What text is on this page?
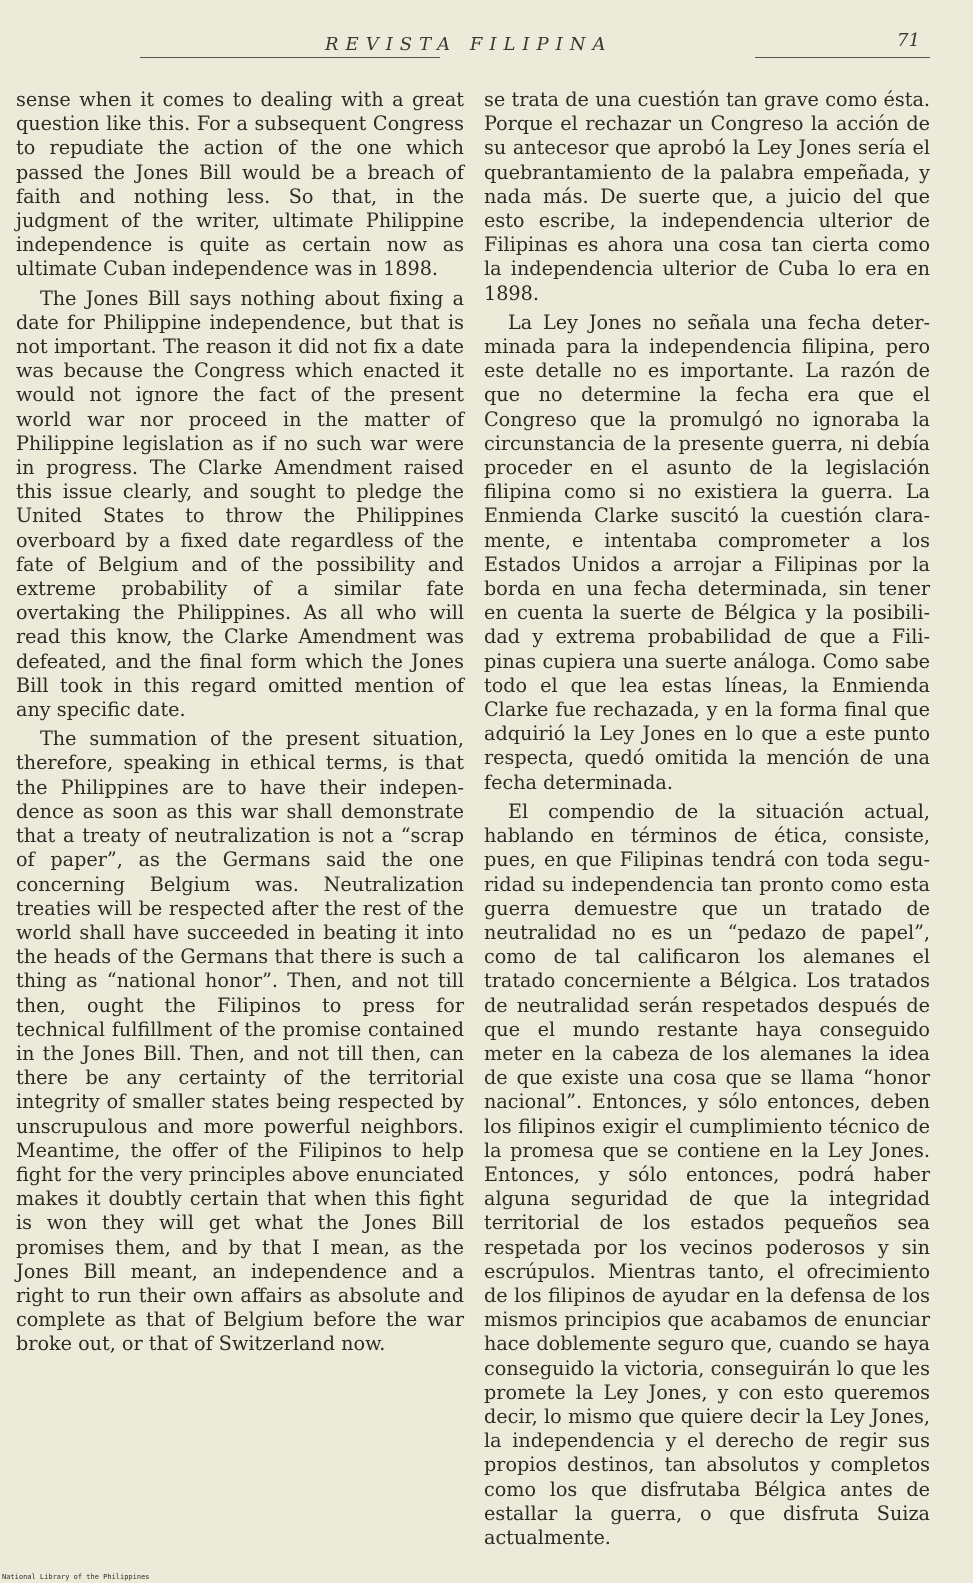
REVISTA FILIPINA	71

sense when it comes to dealing with a great question like this. For a subsequent Congress to repudiate the action of the one which passed the Jones Bill would be a breach of faith and nothing less. So that, in the judgment of the writer, ultimate Philippine independence is quite as certain now as ultimate Cuban independence was in 1898.

The Jones Bill says nothing about fixing a date for Philippine independence, but that is not important. The reason it did not fix a date was because the Congress which enacted it would not ignore the fact of the present world war nor proceed in the matter of Philippine legislation as if no such war were in progress. The Clarke Amendment raised this issue clearly, and sought to pledge the United States to throw the Philippines overboard by a fixed date regardless of the fate of Belgium and of the possibility and extreme probability of a similar fate overtaking the Philippines. As all who will read this know, the Clarke Amendment was defeated, and the final form which the Jones Bill took in this regard omitted mention of any specific date.

The summation of the present situation, therefore, speaking in ethical terms, is that the Philippines are to have their independence as soon as this war shall demonstrate that a treaty of neutralization is not a “scrap of paper”, as the Germans said the one concerning Belgium was. Neutralization treaties will be respected after the rest of the world shall have succeeded in beating it into the heads of the Germans that there is such a thing as “national honor”. Then, and not till then, ought the Filipinos to press for technical fulfillment of the promise contained in the Jones Bill. Then, and not till then, can there be any certainty of the territorial integrity of smaller states being respected by unscrupulous and more powerful neighbors. Meantime, the offer of the Filipinos to help fight for the very principles above enunciated makes it doubtly certain that when this fight is won they will get what the Jones Bill promises them, and by that I mean, as the Jones Bill meant, an independence and a right to run their own affairs as absolute and complete as that of Belgium before the war broke out, or that of Switzerland now.

se trata de una cuestión tan grave como ésta. Porque el rechazar un Congreso la acción de su antecesor que aprobó la Ley Jones sería el quebrantamiento de la palabra empeñada, y nada más. De suerte que, a juicio del que esto escribe, la independencia ulterior de Filipinas es ahora una cosa tan cierta como la independencia ulterior de Cuba lo era en 1898.

La Ley Jones no señala una fecha determinada para la independencia filipina, pero este detalle no es importante. La razón de que no determine la fecha era que el Congreso que la promulgó no ignoraba la circunstancia de la presente guerra, ni debía proceder en el asunto de la legislación filipina como si no existiera la guerra. La Enmienda Clarke suscitó la cuestión claramente, e intentaba comprometer a los Estados Unidos a arrojar a Filipinas por la borda en una fecha determinada, sin tener en cuenta la suerte de Bélgica y la posibilidad y extrema probabilidad de que a Filipinas cupiera una suerte análoga. Como sabe todo el que lea estas líneas, la Enmienda Clarke fue rechazada, y en la forma final que adquirió la Ley Jones en lo que a este punto respecta, quedó omitida la mención de una fecha determinada.

El compendio de la situación actual, hablando en términos de ética, consiste, pues, en que Filipinas tendrá con toda seguridad su independencia tan pronto como esta guerra demuestre que un tratado de neutralidad no es un “pedazo de papel”, como de tal calificaron los alemanes el tratado concerniente a Bélgica. Los tratados de neutralidad serán respetados después de que el mundo restante haya conseguido meter en la cabeza de los alemanes la idea de que existe una cosa que se llama “honor nacional”. Entonces, y sólo entonces, deben los filipinos exigir el cumplimiento técnico de la promesa que se contiene en la Ley Jones. Entonces, y sólo entonces, podrá haber alguna seguridad de que la integridad territorial de los estados pequeños sea respetada por los vecinos poderosos y sin escrúpulos. Mientras tanto, el ofrecimiento de los filipinos de ayudar en la defensa de los mismos principios que acabamos de enunciar hace doblemente seguro que, cuando se haya conseguido la victoria, conseguirán lo que les promete la Ley Jones, y con esto queremos decir, lo mismo que quiere decir la Ley Jones, la independencia y el derecho de regir sus propios destinos, tan absolutos y completos como los que disfrutaba Bélgica antes de estallar la guerra, o que disfruta Suiza actualmente.

National Library of the Philippines
